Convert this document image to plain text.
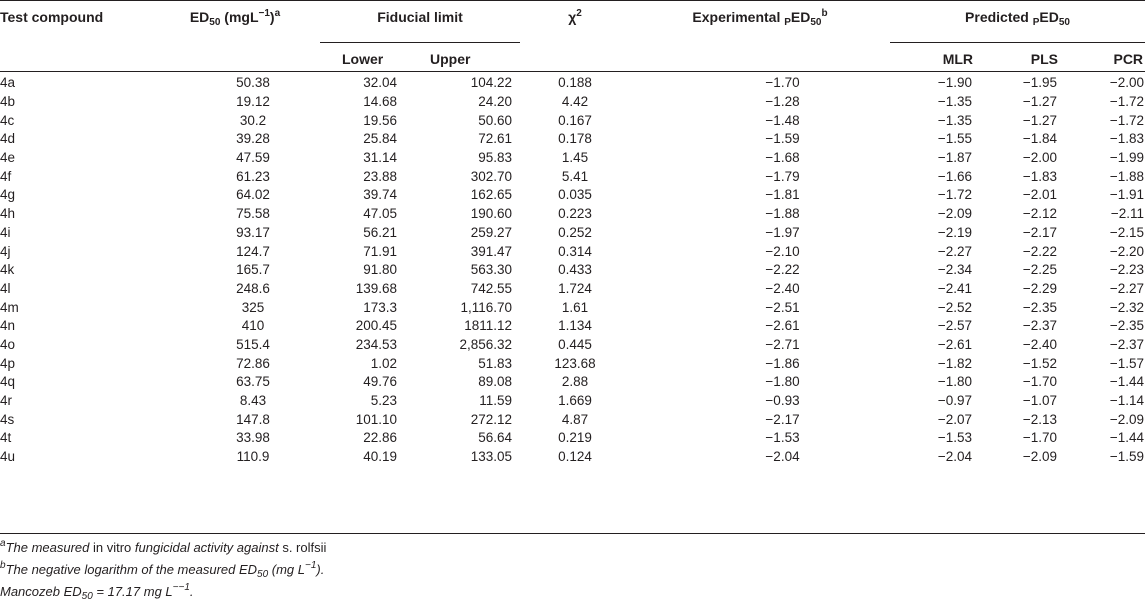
Test compound	$ED_{50}$ $(mgL^{-1})^a$	Fiducial limit		$\chi^2$	Experimental $_PED_{50}^b$	Predicted $_PED_{50}$
		Lower	Upper			MLR	PLS	PCR
4a	50.38	32.04	104.22	0.188	−1.70	−1.90	−1.95	−2.00
4b	19.12	14.68	24.20	4.42	−1.28	−1.35	−1.27	−1.72
4c	30.2	19.56	50.60	0.167	−1.48	−1.35	−1.27	−1.72
4d	39.28	25.84	72.61	0.178	−1.59	−1.55	−1.84	−1.83
4e	47.59	31.14	95.83	1.45	−1.68	−1.87	−2.00	−1.99
4f	61.23	23.88	302.70	5.41	−1.79	−1.66	−1.83	−1.88
4g	64.02	39.74	162.65	0.035	−1.81	−1.72	−2.01	−1.91
4h	75.58	47.05	190.60	0.223	−1.88	−2.09	−2.12	−2.11
4i	93.17	56.21	259.27	0.252	−1.97	−2.19	−2.17	−2.15
4j	124.7	71.91	391.47	0.314	−2.10	−2.27	−2.22	−2.20
4k	165.7	91.80	563.30	0.433	−2.22	−2.34	−2.25	−2.23
4l	248.6	139.68	742.55	1.724	−2.40	−2.41	−2.29	−2.27
4m	325	173.3	1,116.70	1.61	−2.51	−2.52	−2.35	−2.32
4n	410	200.45	1811.12	1.134	−2.61	−2.57	−2.37	−2.35
4o	515.4	234.53	2,856.32	0.445	−2.71	−2.61	−2.40	−2.37
4p	72.86	1.02	51.83	123.68	−1.86	−1.82	−1.52	−1.57
4q	63.75	49.76	89.08	2.88	−1.80	−1.80	−1.70	−1.44
4r	8.43	5.23	11.59	1.669	−0.93	−0.97	−1.07	−1.14
4s	147.8	101.10	272.12	4.87	−2.17	−2.07	−2.13	−2.09
4t	33.98	22.86	56.64	0.219	−1.53	−1.53	−1.70	−1.44
4u	110.9	40.19	133.05	0.124	−2.04	−2.04	−2.09	−1.59
$^a$The measured in vitro fungicidal activity against s. rolfsii
$^b$The negative logarithm of the measured $ED_{50}$ (mg $L^{-1}$).
Mancozeb $ED_{50} = 17.17$ mg $L^{--1}$.
